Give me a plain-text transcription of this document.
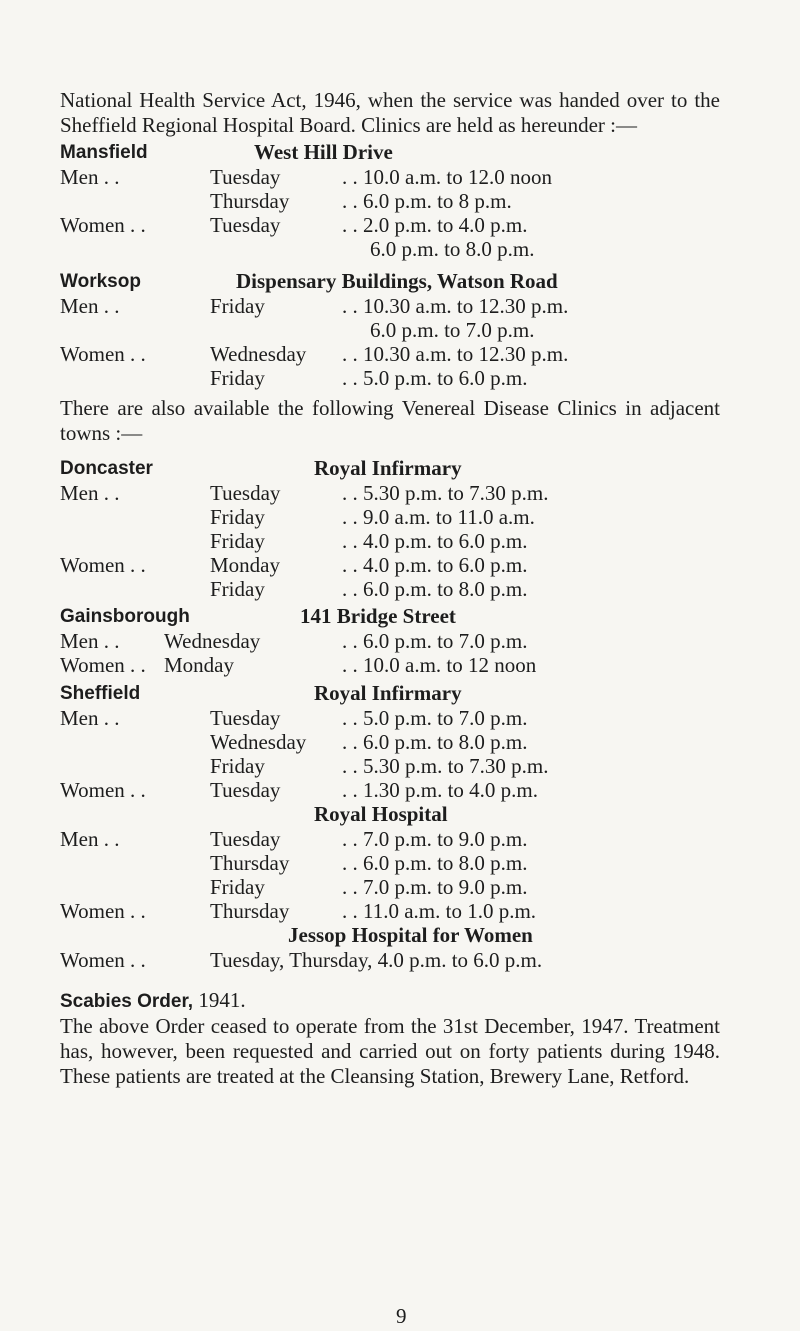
National Health Service Act, 1946, when the service was handed over to the Sheffield Regional Hospital Board. Clinics are held as hereunder :—

Mansfield	West Hill Drive
Men . .	Tuesday	. . 10.0 a.m. to 12.0 noon
Thursday	. . 6.0 p.m. to 8 p.m.
Women . .	Tuesday	. . 2.0 p.m. to 4.0 p.m.
6.0 p.m. to 8.0 p.m.
Worksop	Dispensary Buildings, Watson Road
Men . .	Friday	. . 10.30 a.m. to 12.30 p.m.
6.0 p.m. to 7.0 p.m.
Women . .	Wednesday . . 10.30 a.m. to 12.30 p.m.
Friday	. . 5.0 p.m. to 6.0 p.m.

There are also available the following Venereal Disease Clinics in adjacent towns :—

Doncaster	Royal Infirmary
Men . .	Tuesday	. . 5.30 p.m. to 7.30 p.m.
Friday	. . 9.0 a.m. to 11.0 a.m.
Friday	. . 4.0 p.m. to 6.0 p.m.
Women . .	Monday	. . 4.0 p.m. to 6.0 p.m.
Friday	. . 6.0 p.m. to 8.0 p.m.
Gainsborough	141 Bridge Street
Men . . Wednesday	. . 6.0 p.m. to 7.0 p.m.
Women . . Monday	. . 10.0 a.m. to 12 noon
Sheffield	Royal Infirmary
Men . .	Tuesday	. . 5.0 p.m. to 7.0 p.m.
Wednesday . . 6.0 p.m. to 8.0 p.m.
Friday	. . 5.30 p.m. to 7.30 p.m.
Women . .	Tuesday	. . 1.30 p.m. to 4.0 p.m.
Royal Hospital
Men . .	Tuesday	. . 7.0 p.m. to 9.0 p.m.
Thursday	. . 6.0 p.m. to 8.0 p.m.
Friday	. . 7.0 p.m. to 9.0 p.m.
Women . .	Thursday	. . 11.0 a.m. to 1.0 p.m.
Jessop Hospital for Women
Women . .	Tuesday, Thursday, 4.0 p.m. to 6.0 p.m.
Scabies Order, 1941.

The above Order ceased to operate from the 31st December, 1947. Treatment has, however, been requested and carried out on forty patients during 1948. These patients are treated at the Cleansing Station, Brewery Lane, Retford.

9
